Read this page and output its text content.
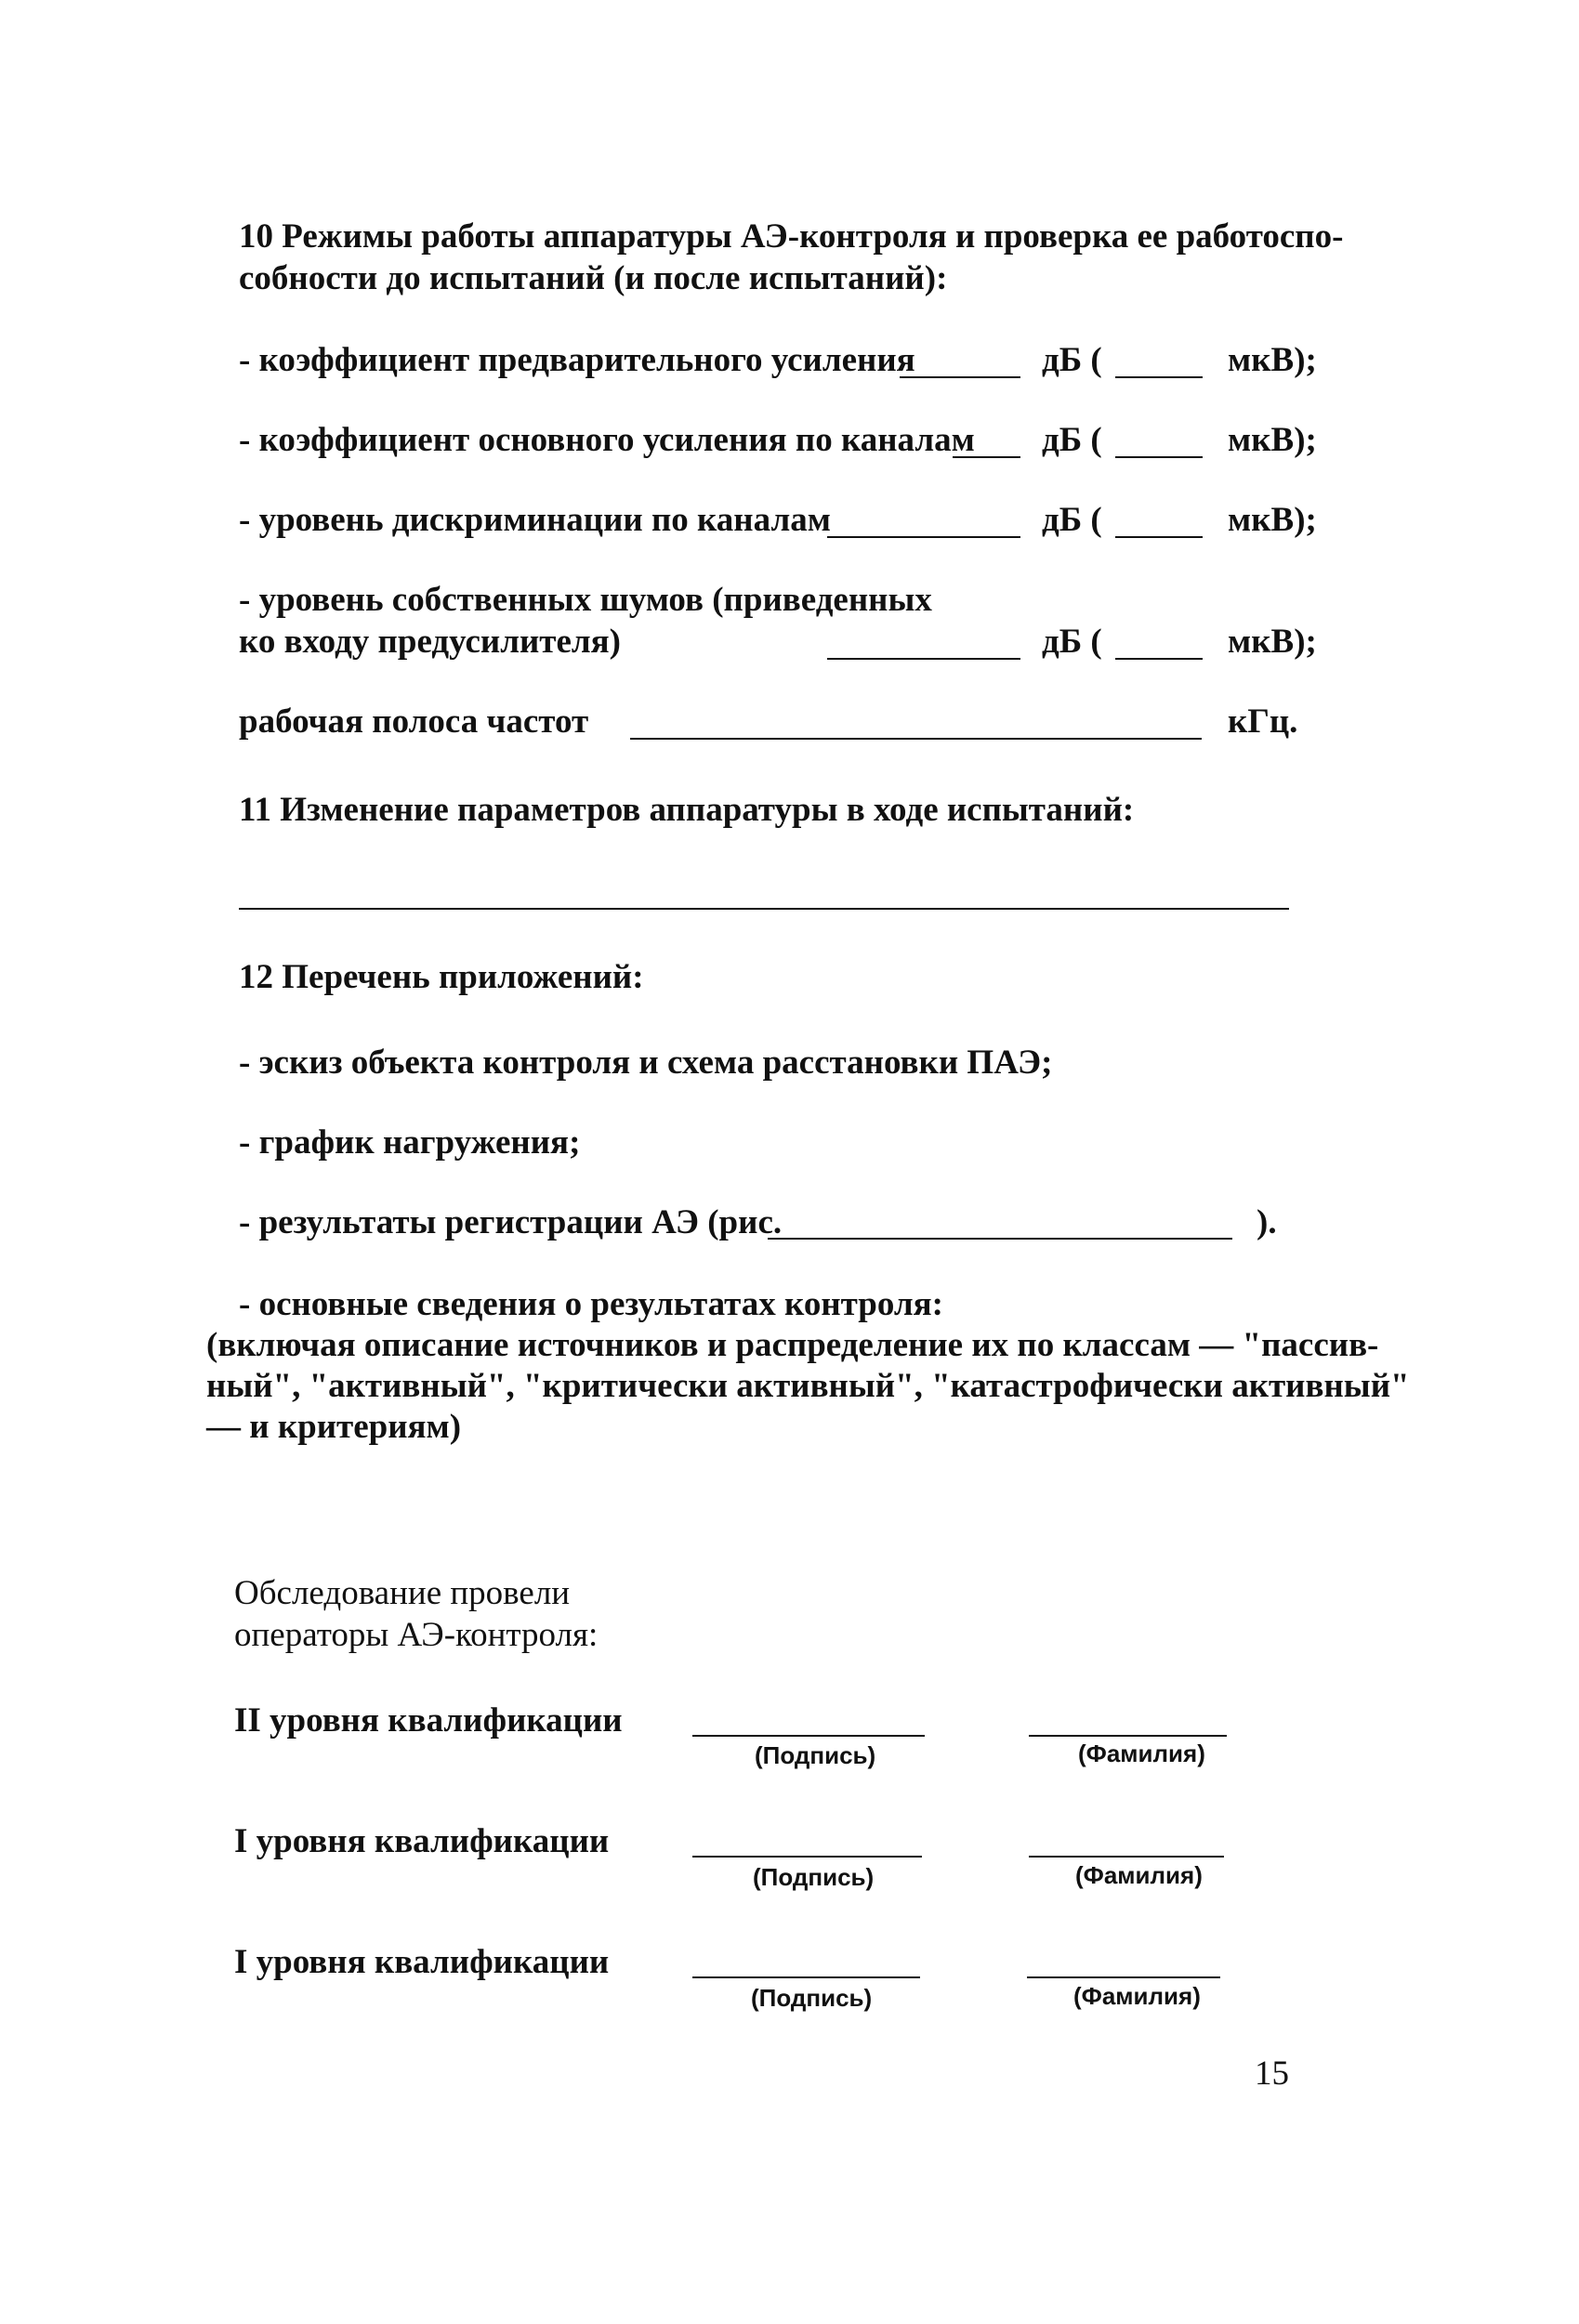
10 Режимы работы аппаратуры АЭ-контроля и проверка ее работоспо-
собности до испытаний (и после испытаний):
- коэффициент предварительного усиления	дБ (	мкВ);
- коэффициент основного усиления по каналам дБ (	мкВ);
- уровень дискриминации по каналам	дБ (	мкВ);
- уровень собственных шумов (приведенных
ко входу предусилителя)	дБ (	мкВ);
рабочая полоса частот	кГц.
11 Изменение параметров аппаратуры в ходе испытаний:
12 Перечень приложений:
- эскиз объекта контроля и схема расстановки ПАЭ;
- график нагружения;
- результаты регистрации АЭ (рис.	).
- основные сведения о результатах контроля:
(включая описание источников и распределение их по классам — "пассив-
ный", "активный", "критически активный", "катастрофически активный"
— и критериям)
Обследование провели
операторы АЭ-контроля:
II уровня квалификации
(Подпись)	(Фамилия)
I уровня квалификации
(Подпись)	(Фамилия)
I уровня квалификации
(Подпись)	(Фамилия)
15
